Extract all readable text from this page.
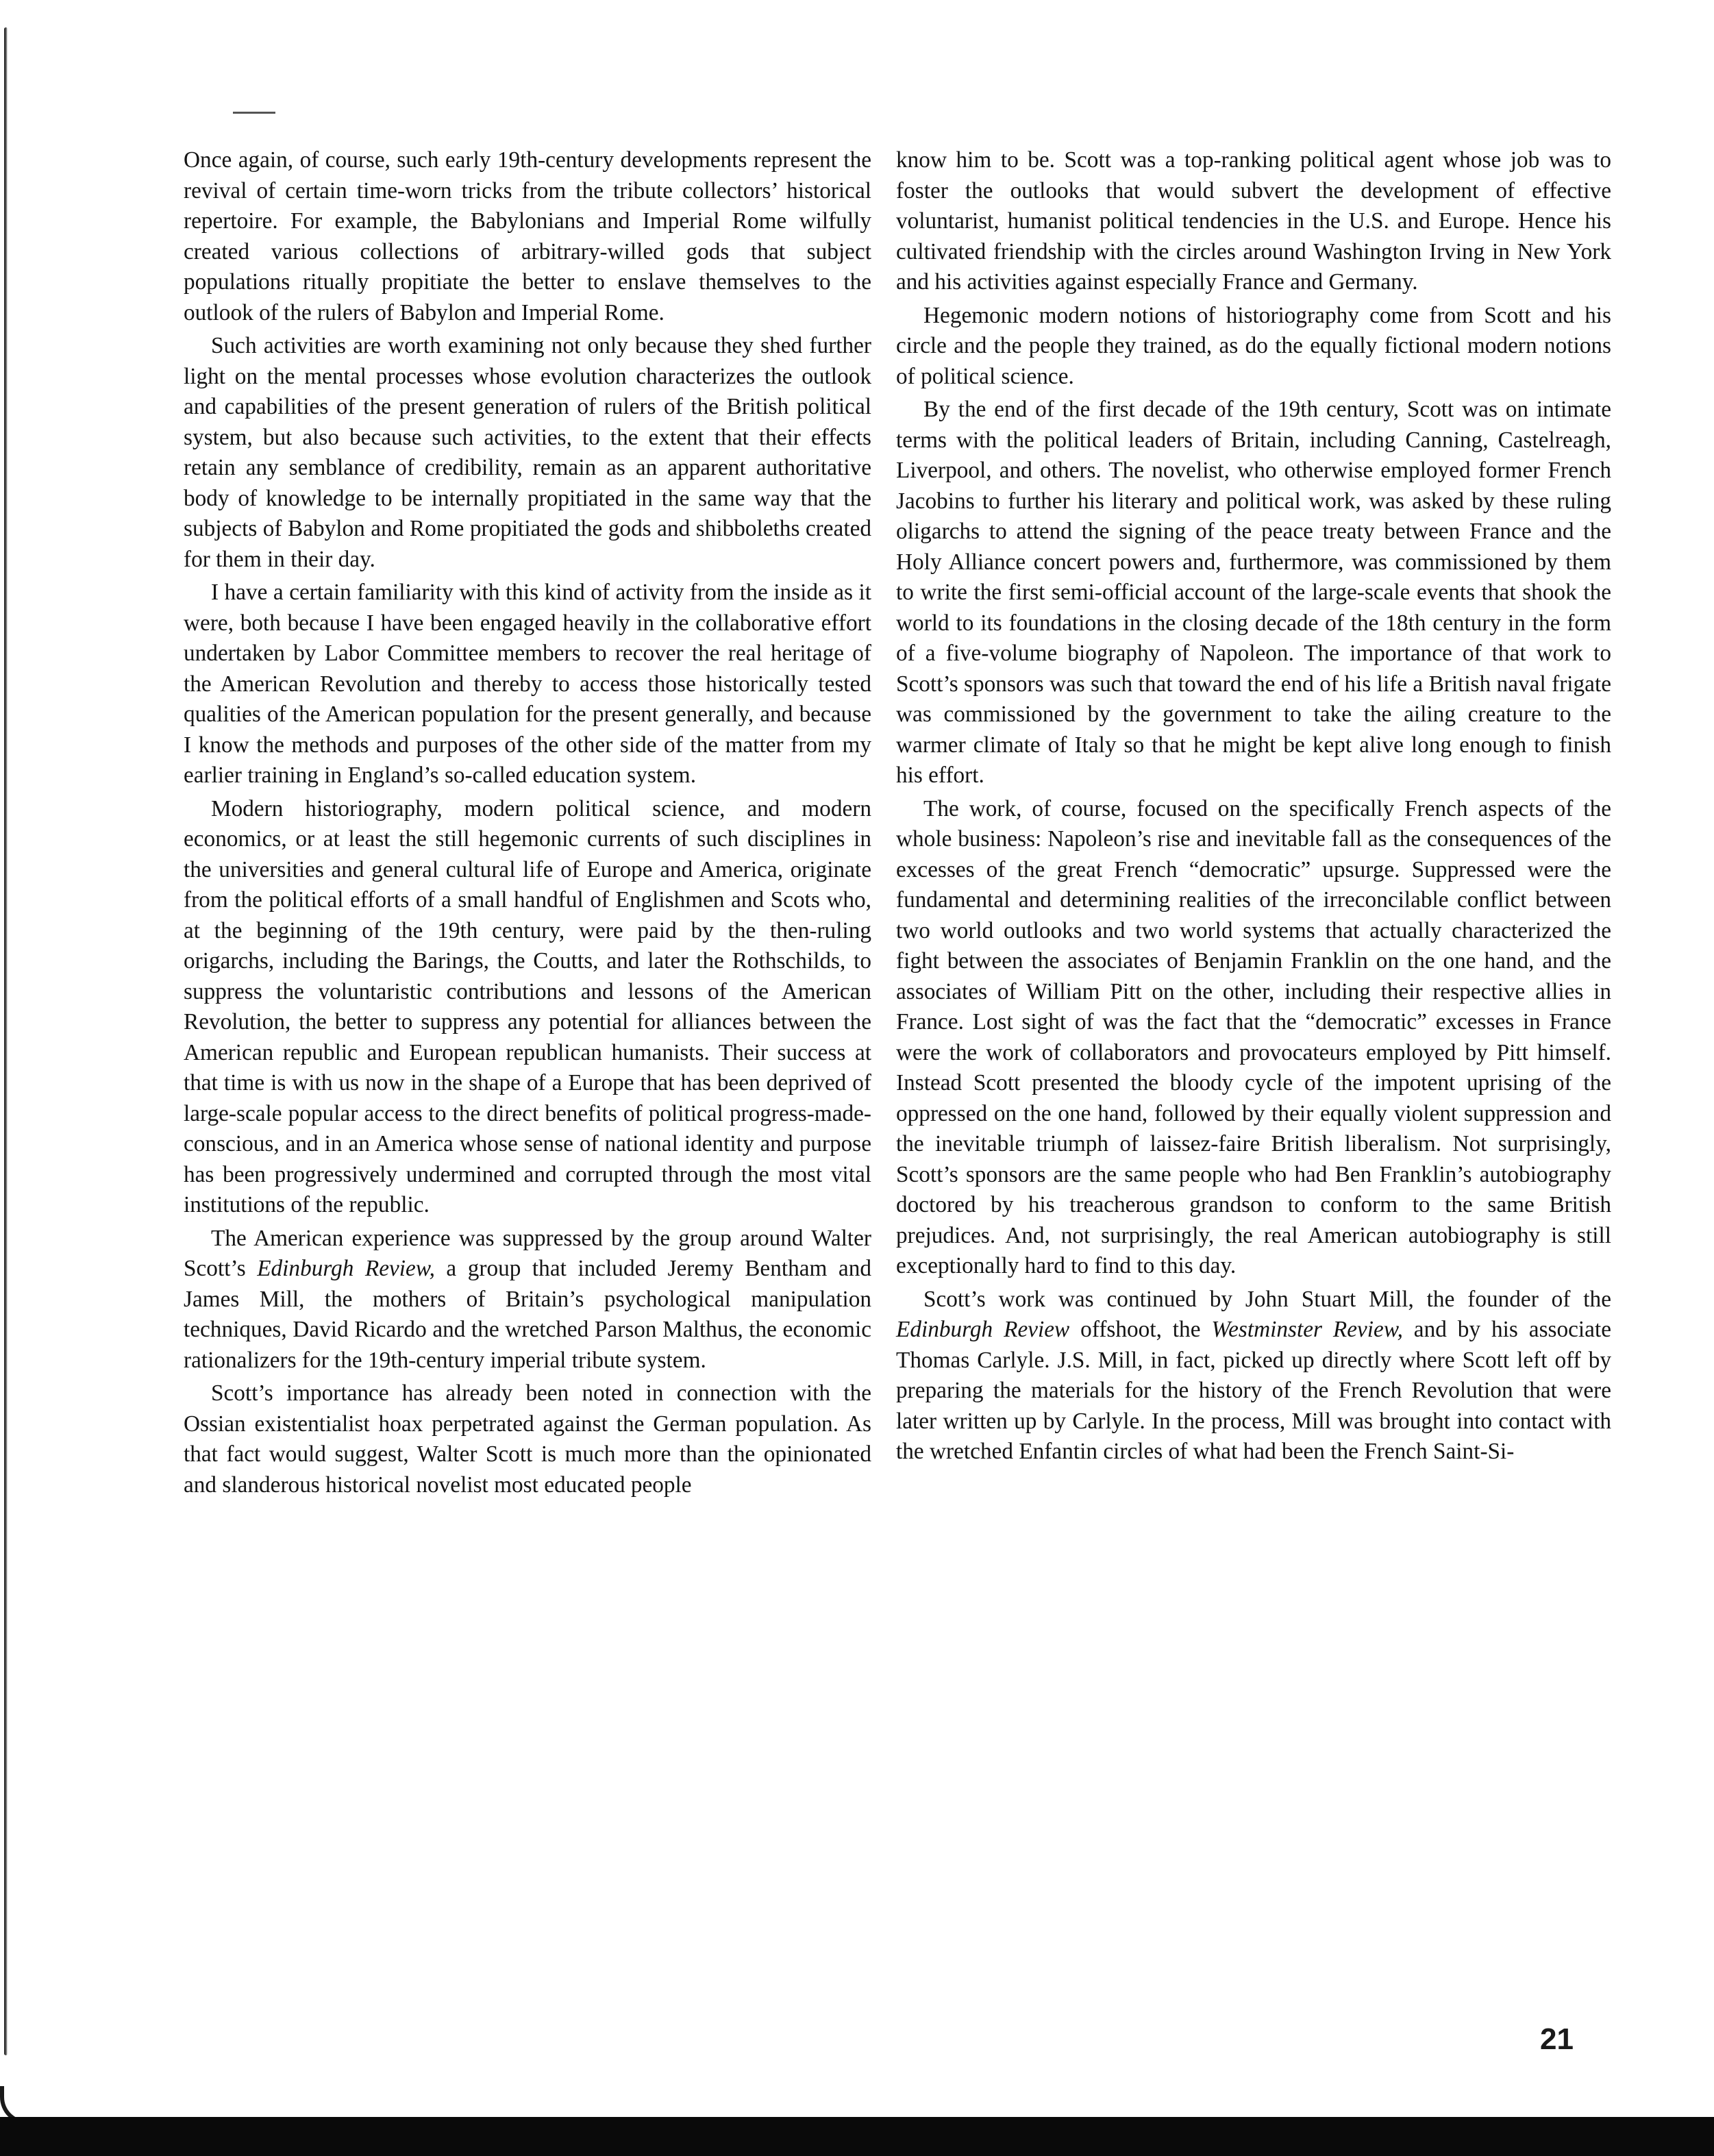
Once again, of course, such early 19th-century developments represent the revival of certain time-worn tricks from the tribute collectors’ historical repertoire. For example, the Babylonians and Imperial Rome wilfully created various collections of arbitrary-willed gods that subject populations ritually propitiate the better to enslave themselves to the outlook of the rulers of Babylon and Imperial Rome.

Such activities are worth examining not only because they shed further light on the mental processes whose evolution characterizes the outlook and capabilities of the present generation of rulers of the British political system, but also because such activities, to the extent that their effects retain any semblance of credibility, remain as an apparent authoritative body of knowledge to be internally propitiated in the same way that the subjects of Babylon and Rome propitiated the gods and shibboleths created for them in their day.

I have a certain familiarity with this kind of activity from the inside as it were, both because I have been engaged heavily in the collaborative effort undertaken by Labor Committee members to recover the real heritage of the American Revolution and thereby to access those historically tested qualities of the American population for the present generally, and because I know the methods and purposes of the other side of the matter from my earlier training in England’s so-called education system.

Modern historiography, modern political science, and modern economics, or at least the still hegemonic currents of such disciplines in the universities and general cultural life of Europe and America, originate from the political efforts of a small handful of Englishmen and Scots who, at the beginning of the 19th century, were paid by the then-ruling origarchs, including the Barings, the Coutts, and later the Rothschilds, to suppress the voluntaristic contributions and lessons of the American Revolution, the better to suppress any potential for alliances between the American republic and European republican humanists. Their success at that time is with us now in the shape of a Europe that has been deprived of large-scale popular access to the direct benefits of political progress-made-conscious, and in an America whose sense of national identity and purpose has been progressively undermined and corrupted through the most vital institutions of the republic.

The American experience was suppressed by the group around Walter Scott’s Edinburgh Review, a group that included Jeremy Bentham and James Mill, the mothers of Britain’s psychological manipulation techniques, David Ricardo and the wretched Parson Malthus, the economic rationalizers for the 19th-century imperial tribute system.

Scott’s importance has already been noted in connection with the Ossian existentialist hoax perpetrated against the German population. As that fact would suggest, Walter Scott is much more than the opinionated and slanderous historical novelist most educated people

know him to be. Scott was a top-ranking political agent whose job was to foster the outlooks that would subvert the development of effective voluntarist, humanist political tendencies in the U.S. and Europe. Hence his cultivated friendship with the circles around Washington Irving in New York and his activities against especially France and Germany.

Hegemonic modern notions of historiography come from Scott and his circle and the people they trained, as do the equally fictional modern notions of political science.

By the end of the first decade of the 19th century, Scott was on intimate terms with the political leaders of Britain, including Canning, Castelreagh, Liverpool, and others. The novelist, who otherwise employed former French Jacobins to further his literary and political work, was asked by these ruling oligarchs to attend the signing of the peace treaty between France and the Holy Alliance concert powers and, furthermore, was commissioned by them to write the first semi-official account of the large-scale events that shook the world to its foundations in the closing decade of the 18th century in the form of a five-volume biography of Napoleon. The importance of that work to Scott’s sponsors was such that toward the end of his life a British naval frigate was commissioned by the government to take the ailing creature to the warmer climate of Italy so that he might be kept alive long enough to finish his effort.

The work, of course, focused on the specifically French aspects of the whole business: Napoleon’s rise and inevitable fall as the consequences of the excesses of the great French “democratic” upsurge. Suppressed were the fundamental and determining realities of the irreconcilable conflict between two world outlooks and two world systems that actually characterized the fight between the associates of Benjamin Franklin on the one hand, and the associates of William Pitt on the other, including their respective allies in France. Lost sight of was the fact that the “democratic” excesses in France were the work of collaborators and provocateurs employed by Pitt himself. Instead Scott presented the bloody cycle of the impotent uprising of the oppressed on the one hand, followed by their equally violent suppression and the inevitable triumph of laissez-faire British liberalism. Not surprisingly, Scott’s sponsors are the same people who had Ben Franklin’s autobiography doctored by his treacherous grandson to conform to the same British prejudices. And, not surprisingly, the real American autobiography is still exceptionally hard to find to this day.

Scott’s work was continued by John Stuart Mill, the founder of the Edinburgh Review offshoot, the Westminster Review, and by his associate Thomas Carlyle. J.S. Mill, in fact, picked up directly where Scott left off by preparing the materials for the history of the French Revolution that were later written up by Carlyle. In the process, Mill was brought into contact with the wretched Enfantin circles of what had been the French Saint-Si-

21
